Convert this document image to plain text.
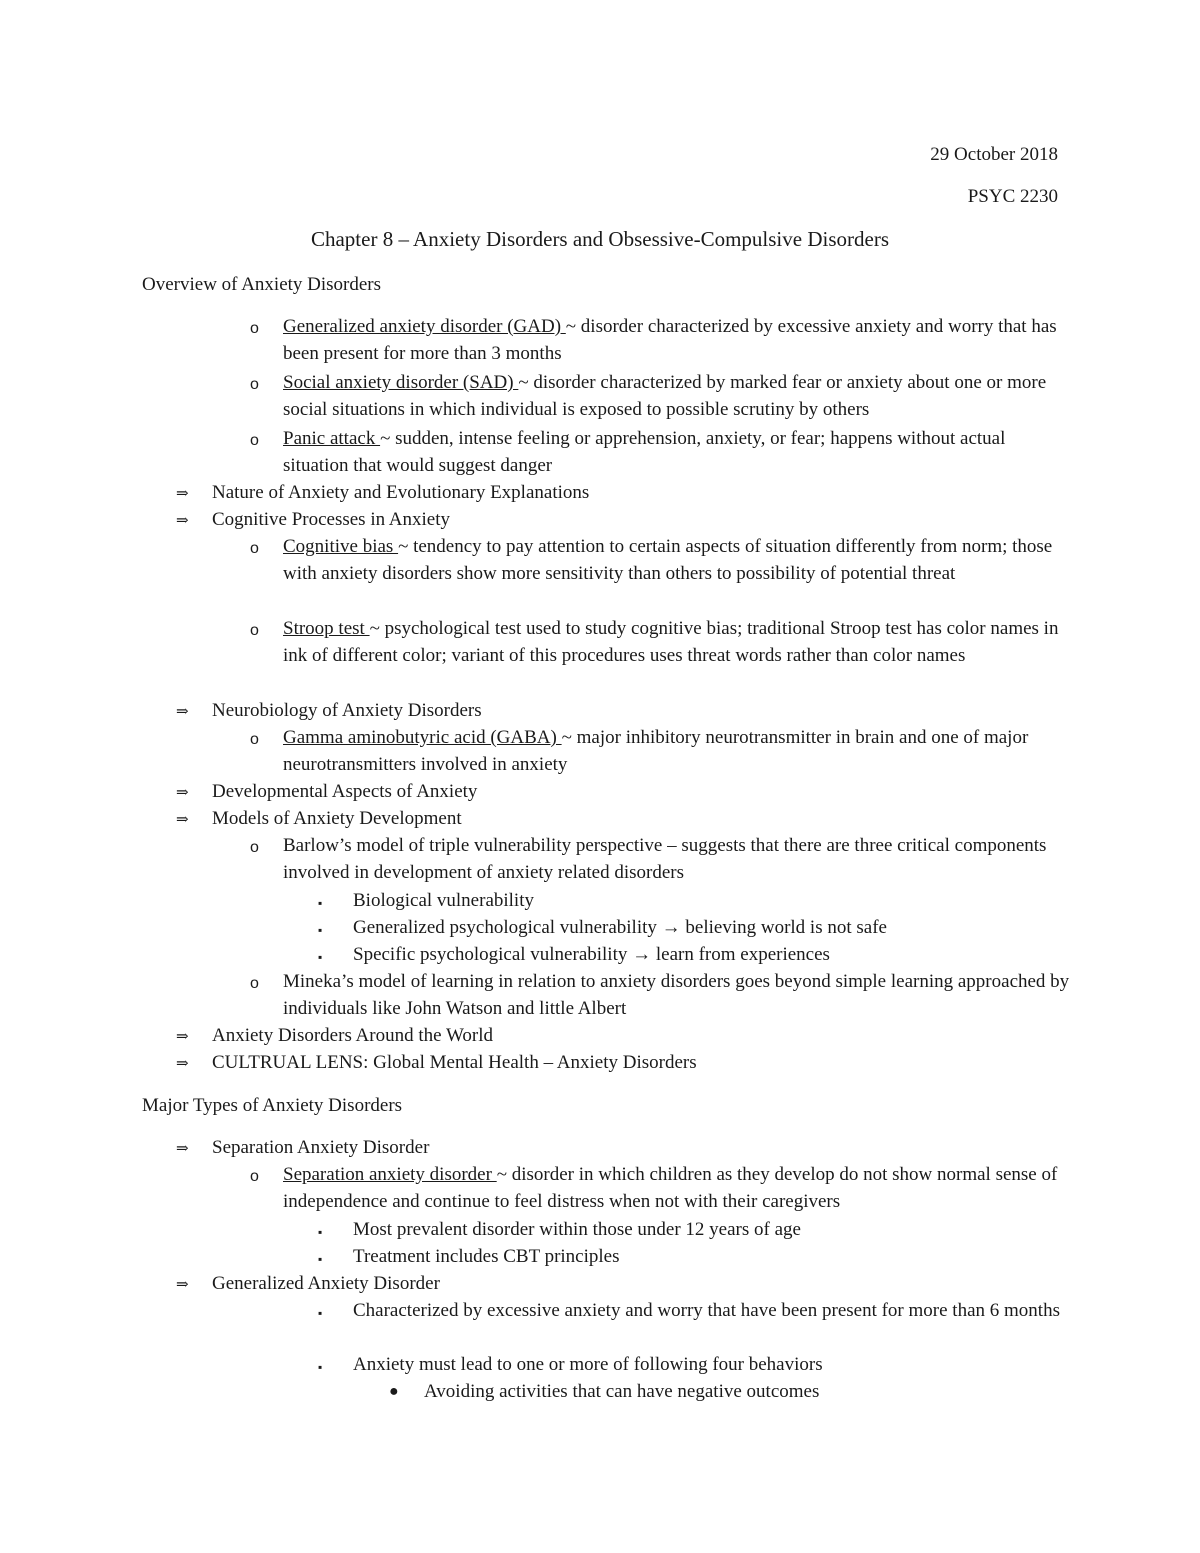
29 October 2018
PSYC 2230
Chapter 8 – Anxiety Disorders and Obsessive-Compulsive Disorders
Overview of Anxiety Disorders
o Generalized anxiety disorder (GAD) ~ disorder characterized by excessive anxiety and worry that has been present for more than 3 months
o Social anxiety disorder (SAD) ~ disorder characterized by marked fear or anxiety about one or more social situations in which individual is exposed to possible scrutiny by others
o Panic attack ~ sudden, intense feeling or apprehension, anxiety, or fear; happens without actual situation that would suggest danger
⇒ Nature of Anxiety and Evolutionary Explanations
⇒ Cognitive Processes in Anxiety
o Cognitive bias ~ tendency to pay attention to certain aspects of situation differently from norm; those with anxiety disorders show more sensitivity than others to possibility of potential threat
o Stroop test ~ psychological test used to study cognitive bias; traditional Stroop test has color names in ink of different color; variant of this procedures uses threat words rather than color names
⇒ Neurobiology of Anxiety Disorders
o Gamma aminobutyric acid (GABA) ~ major inhibitory neurotransmitter in brain and one of major neurotransmitters involved in anxiety
⇒ Developmental Aspects of Anxiety
⇒ Models of Anxiety Development
o Barlow’s model of triple vulnerability perspective – suggests that there are three critical components involved in development of anxiety related disorders
▪ Biological vulnerability
▪ Generalized psychological vulnerability → believing world is not safe
▪ Specific psychological vulnerability → learn from experiences
o Mineka’s model of learning in relation to anxiety disorders goes beyond simple learning approached by individuals like John Watson and little Albert
⇒ Anxiety Disorders Around the World
⇒ CULTRUAL LENS: Global Mental Health – Anxiety Disorders
Major Types of Anxiety Disorders
⇒ Separation Anxiety Disorder
o Separation anxiety disorder ~ disorder in which children as they develop do not show normal sense of independence and continue to feel distress when not with their caregivers
▪ Most prevalent disorder within those under 12 years of age
▪ Treatment includes CBT principles
⇒ Generalized Anxiety Disorder
▪ Characterized by excessive anxiety and worry that have been present for more than 6 months
▪ Anxiety must lead to one or more of following four behaviors
● Avoiding activities that can have negative outcomes
